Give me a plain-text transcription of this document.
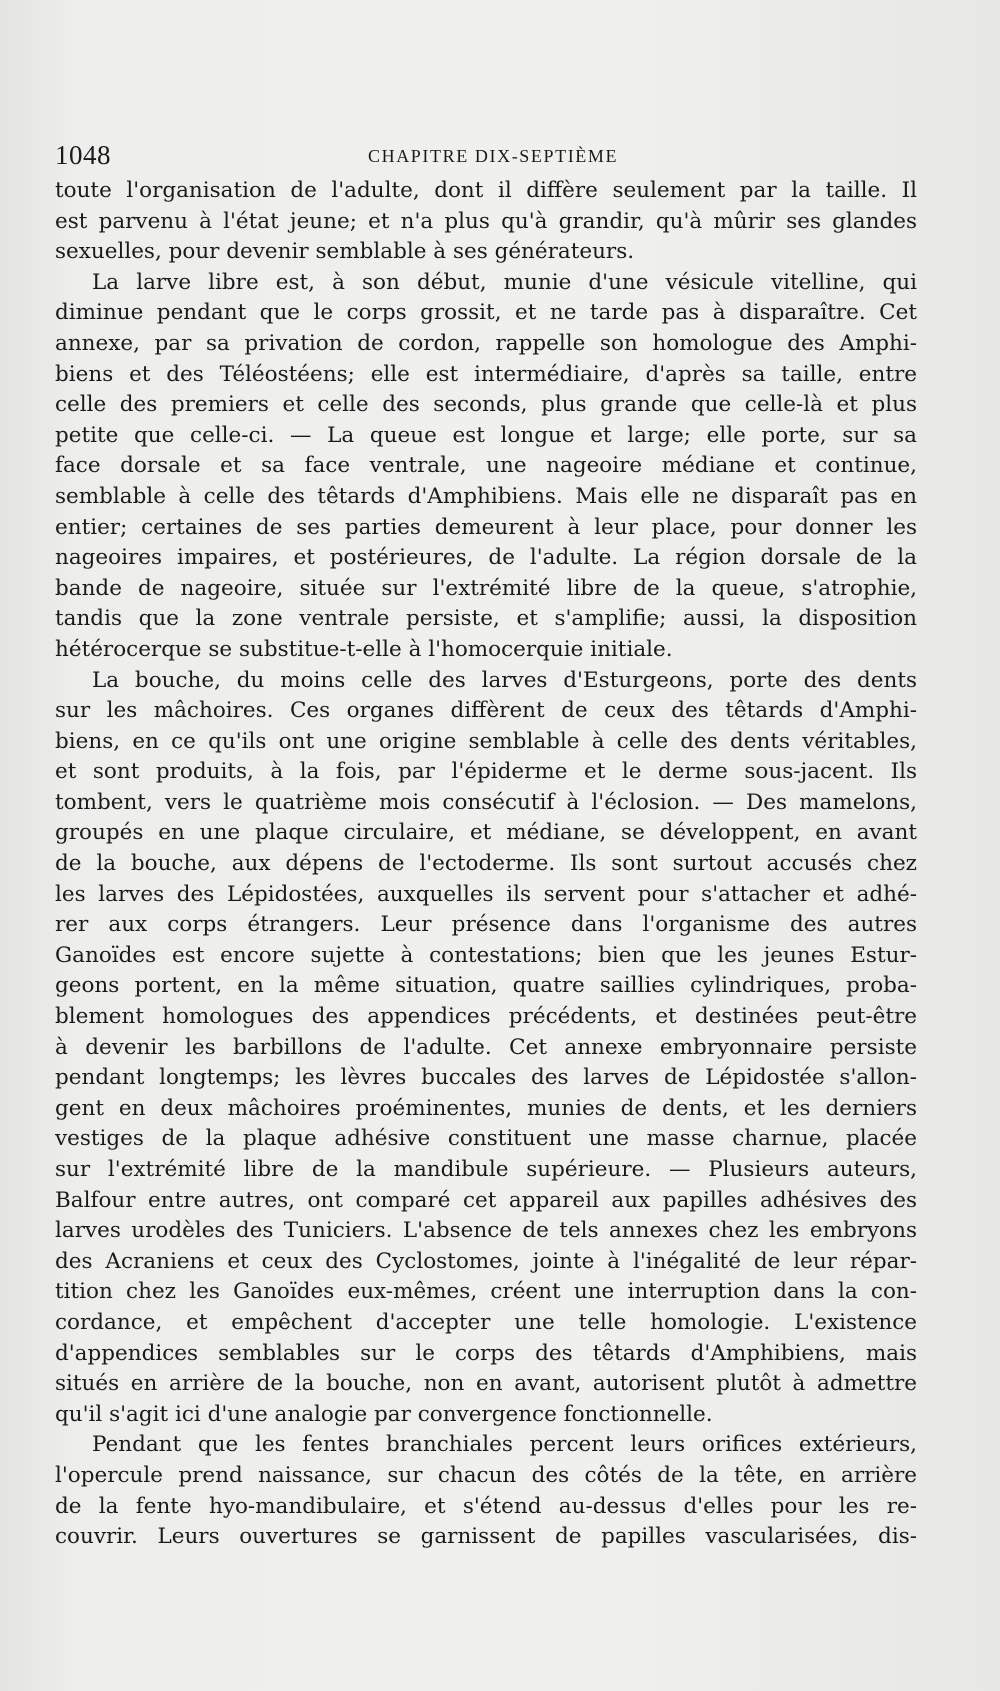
1048	CHAPITRE DIX-SEPTIÈME
toute l'organisation de l'adulte, dont il diffère seulement par la taille. Il
est parvenu à l'état jeune; et n'a plus qu'à grandir, qu'à mûrir ses glandes
sexuelles, pour devenir semblable à ses générateurs.
La larve libre est, à son début, munie d'une vésicule vitelline, qui
diminue pendant que le corps grossit, et ne tarde pas à disparaître. Cet
annexe, par sa privation de cordon, rappelle son homologue des Amphi-
biens et des Téléostéens; elle est intermédiaire, d'après sa taille, entre
celle des premiers et celle des seconds, plus grande que celle-là et plus
petite que celle-ci. — La queue est longue et large; elle porte, sur sa
face dorsale et sa face ventrale, une nageoire médiane et continue,
semblable à celle des têtards d'Amphibiens. Mais elle ne disparaît pas en
entier; certaines de ses parties demeurent à leur place, pour donner les
nageoires impaires, et postérieures, de l'adulte. La région dorsale de la
bande de nageoire, située sur l'extrémité libre de la queue, s'atrophie,
tandis que la zone ventrale persiste, et s'amplifie; aussi, la disposition
hétérocerque se substitue-t-elle à l'homocerquie initiale.
La bouche, du moins celle des larves d'Esturgeons, porte des dents
sur les mâchoires. Ces organes diffèrent de ceux des têtards d'Amphi-
biens, en ce qu'ils ont une origine semblable à celle des dents véritables,
et sont produits, à la fois, par l'épiderme et le derme sous-jacent. Ils
tombent, vers le quatrième mois consécutif à l'éclosion. — Des mamelons,
groupés en une plaque circulaire, et médiane, se développent, en avant
de la bouche, aux dépens de l'ectoderme. Ils sont surtout accusés chez
les larves des Lépidostées, auxquelles ils servent pour s'attacher et adhé-
rer aux corps étrangers. Leur présence dans l'organisme des autres
Ganoïdes est encore sujette à contestations; bien que les jeunes Estur-
geons portent, en la même situation, quatre saillies cylindriques, proba-
blement homologues des appendices précédents, et destinées peut-être
à devenir les barbillons de l'adulte. Cet annexe embryonnaire persiste
pendant longtemps; les lèvres buccales des larves de Lépidostée s'allon-
gent en deux mâchoires proéminentes, munies de dents, et les derniers
vestiges de la plaque adhésive constituent une masse charnue, placée
sur l'extrémité libre de la mandibule supérieure. — Plusieurs auteurs,
Balfour entre autres, ont comparé cet appareil aux papilles adhésives des
larves urodèles des Tuniciers. L'absence de tels annexes chez les embryons
des Acraniens et ceux des Cyclostomes, jointe à l'inégalité de leur répar-
tition chez les Ganoïdes eux-mêmes, créent une interruption dans la con-
cordance, et empêchent d'accepter une telle homologie. L'existence
d'appendices semblables sur le corps des têtards d'Amphibiens, mais
situés en arrière de la bouche, non en avant, autorisent plutôt à admettre
qu'il s'agit ici d'une analogie par convergence fonctionnelle.
Pendant que les fentes branchiales percent leurs orifices extérieurs,
l'opercule prend naissance, sur chacun des côtés de la tête, en arrière
de la fente hyo-mandibulaire, et s'étend au-dessus d'elles pour les re-
couvrir. Leurs ouvertures se garnissent de papilles vascularisées, dis-
